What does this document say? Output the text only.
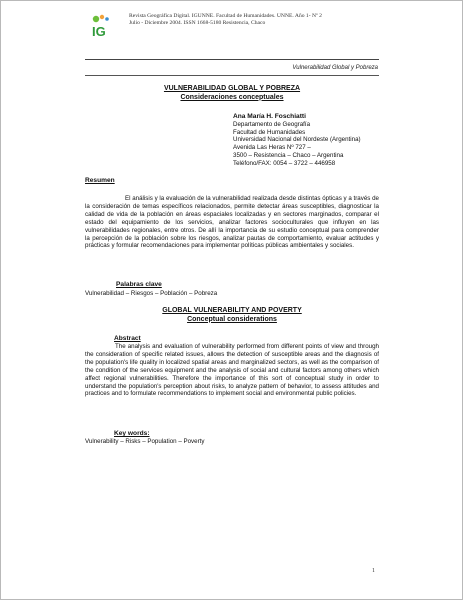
IG
Revista Geográfica Digital. IGUNNE. Facultad de Humanidades. UNNE. Año 1- Nº 2
Julio - Diciembre 2004. ISSN 1668-5180 Resistencia, Chaco
Vulnerabilidad Global y Pobreza
VULNERABILIDAD GLOBAL Y POBREZA
Consideraciones conceptuales
Ana María H. Foschiatti
Departamento de Geografía
Facultad de Humanidades
Universidad Nacional del Nordeste (Argentina)
Avenida Las Heras Nº 727 –
3500 – Resistencia – Chaco – Argentina
Teléfono/FAX: 0054 – 3722 – 446958
Resumen
El análisis y la evaluación de la vulnerabilidad realizada desde distintas ópticas y a través de la consideración de temas específicos relacionados, permite detectar áreas susceptibles, diagnosticar la calidad de vida de la población en áreas espaciales localizadas y en sectores marginados, comparar el estado del equipamiento de los servicios, analizar factores socioculturales que influyen en las vulnerabilidades regionales, entre otros. De allí la importancia de su estudio conceptual para comprender la percepción de la población sobre los riesgos, analizar pautas de comportamiento, evaluar actitudes y prácticas y formular recomendaciones para implementar políticas públicas ambientales y sociales.
Palabras clave
Vulnerabilidad – Riesgos – Población – Pobreza
GLOBAL VULNERABILITY AND POVERTY
Conceptual considerations
Abstract
The analysis and evaluation of vulnerability performed from different points of view and through the consideration of specific related issues, allows the detection of susceptible areas and the diagnosis of the population's life quality in localized spatial areas and marginalized sectors, as well as the comparison of the condition of the services equipment and the analysis of social and cultural factors among others which affect regional vulnerabilities. Therefore the importance of this sort of conceptual study in order to understand the population's perception about risks, to analyze pattern of behavior, to assess attitudes and practices and to formulate recommendations to implement social and environmental public policies.
Key words:
Vulnerability – Risks – Population – Poverty
1
